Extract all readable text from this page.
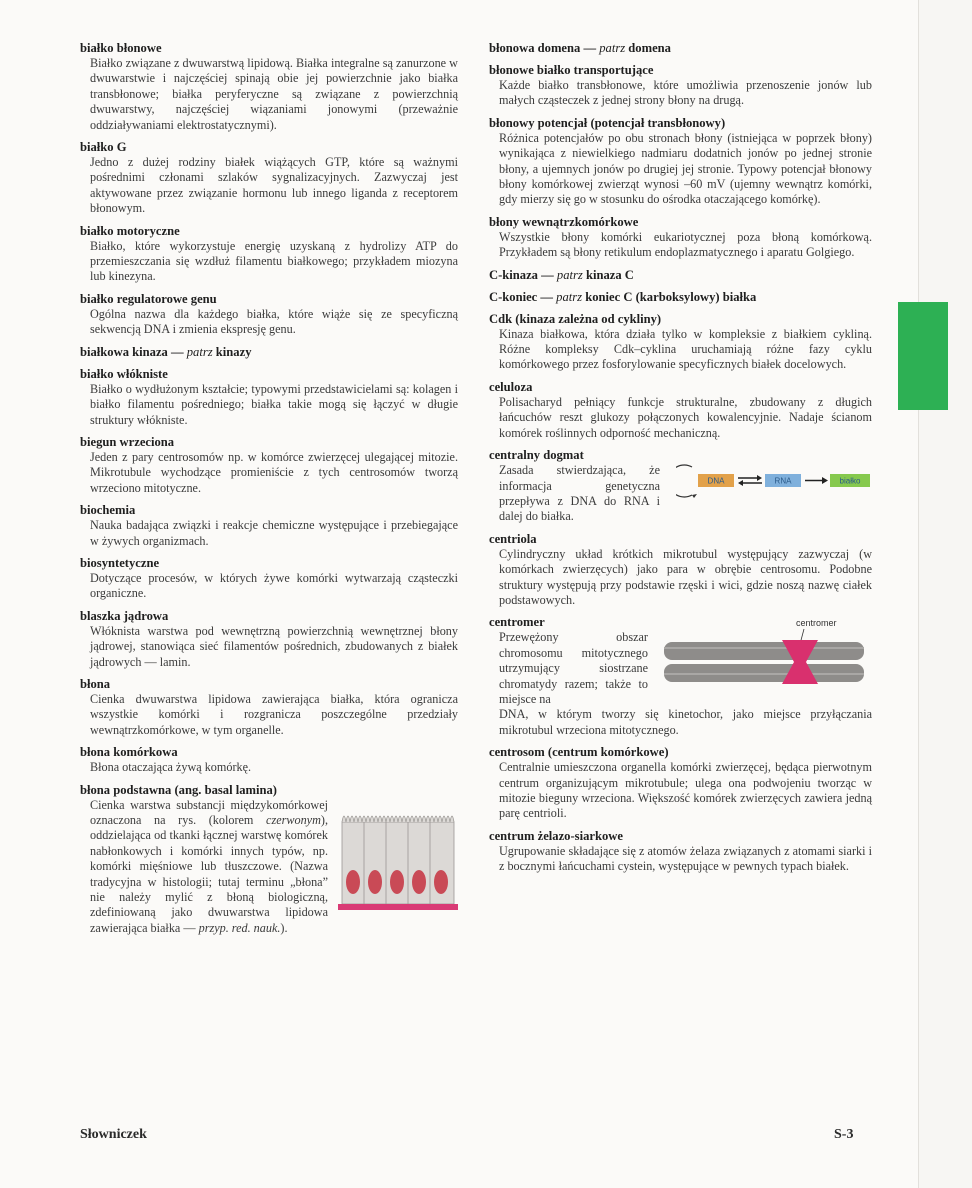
białko błonowe

Białko związane z dwuwarstwą lipidową. Białka integralne są zanurzone w dwuwarstwie i najczęściej spinają obie jej powierzchnie jako białka transbłonowe; białka peryferyczne są związane z powierzchnią dwuwarstwy, najczęściej wiązaniami jonowymi (przeważnie oddziaływaniami elektrostatycznymi).

białko G

Jedno z dużej rodziny białek wiążących GTP, które są ważnymi pośrednimi członami szlaków sygnalizacyjnych. Zazwyczaj jest aktywowane przez związanie hormonu lub innego liganda z receptorem błonowym.

białko motoryczne

Białko, które wykorzystuje energię uzyskaną z hydrolizy ATP do przemieszczania się wzdłuż filamentu białkowego; przykładem miozyna lub kinezyna.

białko regulatorowe genu

Ogólna nazwa dla każdego białka, które wiąże się ze specyficzną sekwencją DNA i zmienia ekspresję genu.

białkowa kinaza — patrz kinazy
białko włókniste

Białko o wydłużonym kształcie; typowymi przedstawicielami są: kolagen i białko filamentu pośredniego; białka takie mogą się łączyć w długie struktury włókniste.

biegun wrzeciona

Jeden z pary centrosomów np. w komórce zwierzęcej ulegającej mitozie. Mikrotubule wychodzące promieniście z tych centrosomów tworzą wrzeciono mitotyczne.

biochemia

Nauka badająca związki i reakcje chemiczne występujące i przebiegające w żywych organizmach.

biosyntetyczne

Dotyczące procesów, w których żywe komórki wytwarzają cząsteczki organiczne.

blaszka jądrowa

Włóknista warstwa pod wewnętrzną powierzchnią wewnętrznej błony jądrowej, stanowiąca sieć filamentów pośrednich, zbudowanych z białek jądrowych — lamin.

błona

Cienka dwuwarstwa lipidowa zawierająca białka, która ogranicza wszystkie komórki i rozgranicza poszczególne przedziały wewnątrzkomórkowe, w tym organelle.

błona komórkowa

Błona otaczająca żywą komórkę.

błona podstawna (ang. basal lamina)

Cienka warstwa substancji międzykomórkowej oznaczona na rys. (kolorem czerwonym), oddzielająca od tkanki łącznej warstwę komórek nabłonkowych i komórki innych typów, np. komórki mięśniowe lub tłuszczowe. (Nazwa tradycyjna w histologii; tutaj terminu „błona” nie należy mylić z błoną biologiczną, zdefiniowaną jako dwuwarstwa lipidowa zawierająca białka — przyp. red. nauk.).

błonowa domena — patrz domena
błonowe białko transportujące

Każde białko transbłonowe, które umożliwia przenoszenie jonów lub małych cząsteczek z jednej strony błony na drugą.

błonowy potencjał (potencjał transbłonowy)

Różnica potencjałów po obu stronach błony (istniejąca w poprzek błony) wynikająca z niewielkiego nadmiaru dodatnich jonów po jednej stronie błony, a ujemnych jonów po drugiej jej stronie. Typowy potencjał błonowy błony komórkowej zwierząt wynosi –60 mV (ujemny wewnątrz komórki, gdy mierzy się go w stosunku do ośrodka otaczającego komórkę).

błony wewnątrzkomórkowe

Wszystkie błony komórki eukariotycznej poza błoną komórkową. Przykładem są błony retikulum endoplazmatycznego i aparatu Golgiego.

C-kinaza — patrz kinaza C
C-koniec — patrz koniec C (karboksylowy) białka
Cdk (kinaza zależna od cykliny)

Kinaza białkowa, która działa tylko w kompleksie z białkiem cykliną. Różne kompleksy Cdk–cyklina uruchamiają różne fazy cyklu komórkowego przez fosforylowanie specyficznych białek docelowych.

celuloza

Polisacharyd pełniący funkcje strukturalne, zbudowany z długich łańcuchów reszt glukozy połączonych kowalencyjnie. Nadaje ścianom komórek roślinnych odporność mechaniczną.

centralny dogmat
DNA	RNA	białko

Zasada stwierdzająca, że informacja genetyczna przepływa z DNA do RNA i dalej do białka.

centriola

Cylindryczny układ krótkich mikrotubul występujący zazwyczaj (w komórkach zwierzęcych) jako para w obrębie centrosomu. Podobne struktury występują przy podstawie rzęski i wici, gdzie noszą nazwę ciałek podstawowych.

centromer	centromer

Przewężony obszar chromosomu mitotycznego utrzymujący siostrzane chromatydy razem; także to miejsce na

DNA, w którym tworzy się kinetochor, jako miejsce przyłączania mikrotubul wrzeciona mitotycznego.

centrosom (centrum komórkowe)

Centralnie umieszczona organella komórki zwierzęcej, będąca pierwotnym centrum organizującym mikrotubule; ulega ona podwojeniu tworząc w mitozie bieguny wrzeciona. Większość komórek zwierzęcych zawiera jedną parę centrioli.

centrum żelazo-siarkowe

Ugrupowanie składające się z atomów żelaza związanych z atomami siarki i z bocznymi łańcuchami cystein, występujące w pewnych typach białek.

Słowniczek	S-3
